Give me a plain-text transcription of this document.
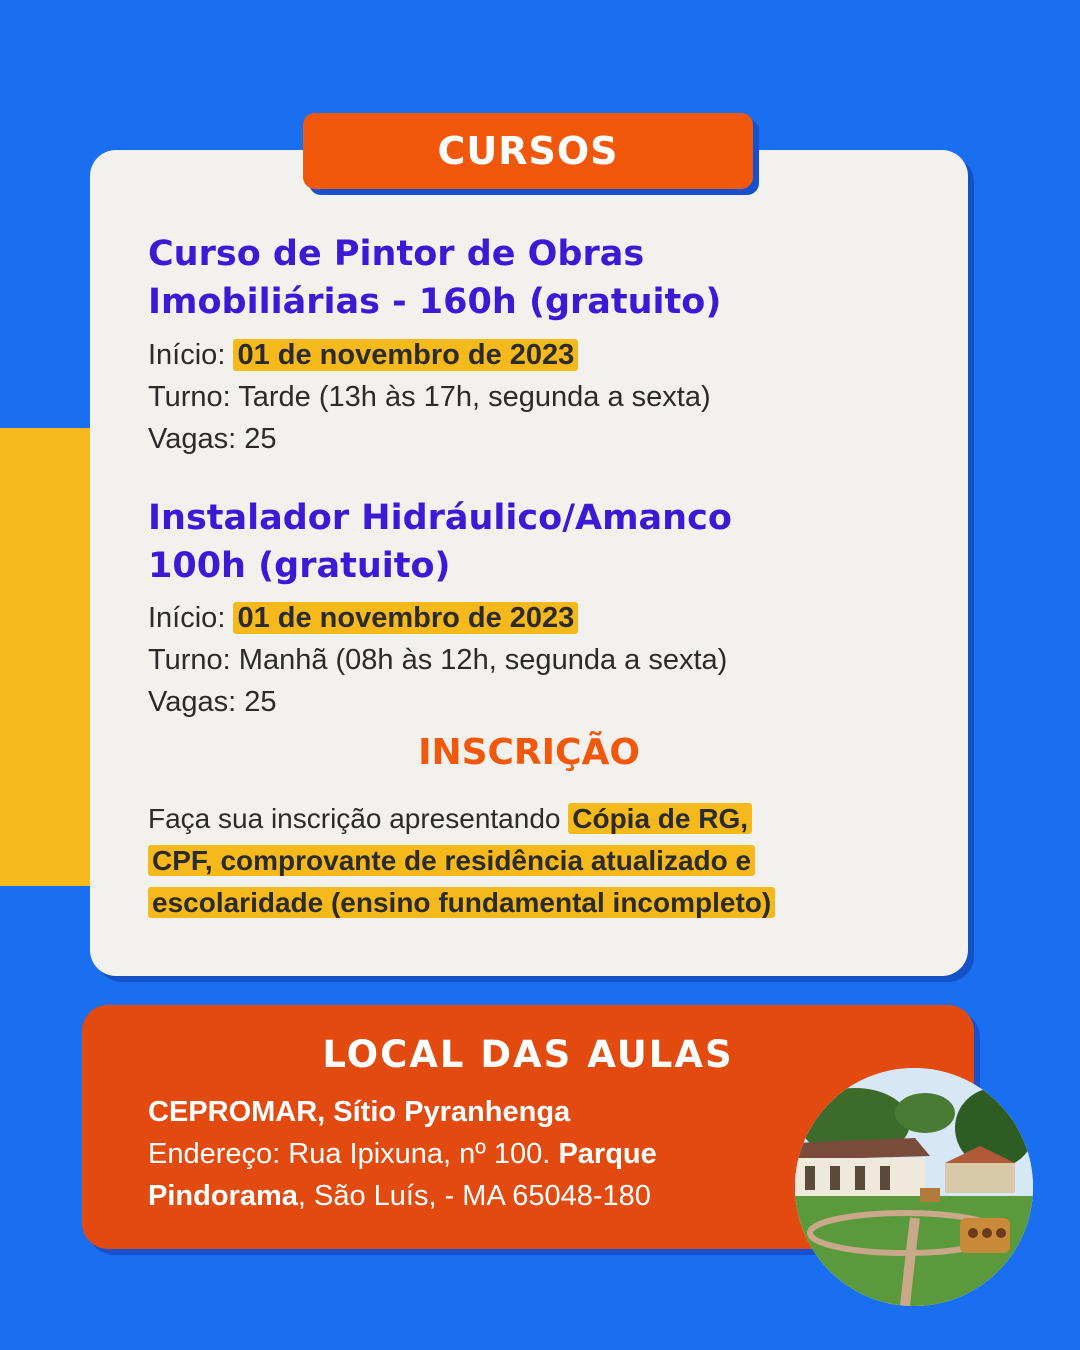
CURSOS
Curso de Pintor de Obras
Imobiliárias - 160h (gratuito)
Início: 01 de novembro de 2023
Turno: Tarde (13h às 17h, segunda a sexta)
Vagas: 25
Instalador Hidráulico/Amanco
100h (gratuito)
Início: 01 de novembro de 2023
Turno: Manhã (08h às 12h, segunda a sexta)
Vagas: 25
INSCRIÇÃO
Faça sua inscrição apresentando Cópia de RG,
CPF, comprovante de residência atualizado e
escolaridade (ensino fundamental incompleto)
LOCAL DAS AULAS
CEPROMAR, Sítio Pyranhenga
Endereço: Rua Ipixuna, nº 100. Parque
Pindorama, São Luís, - MA 65048-180
